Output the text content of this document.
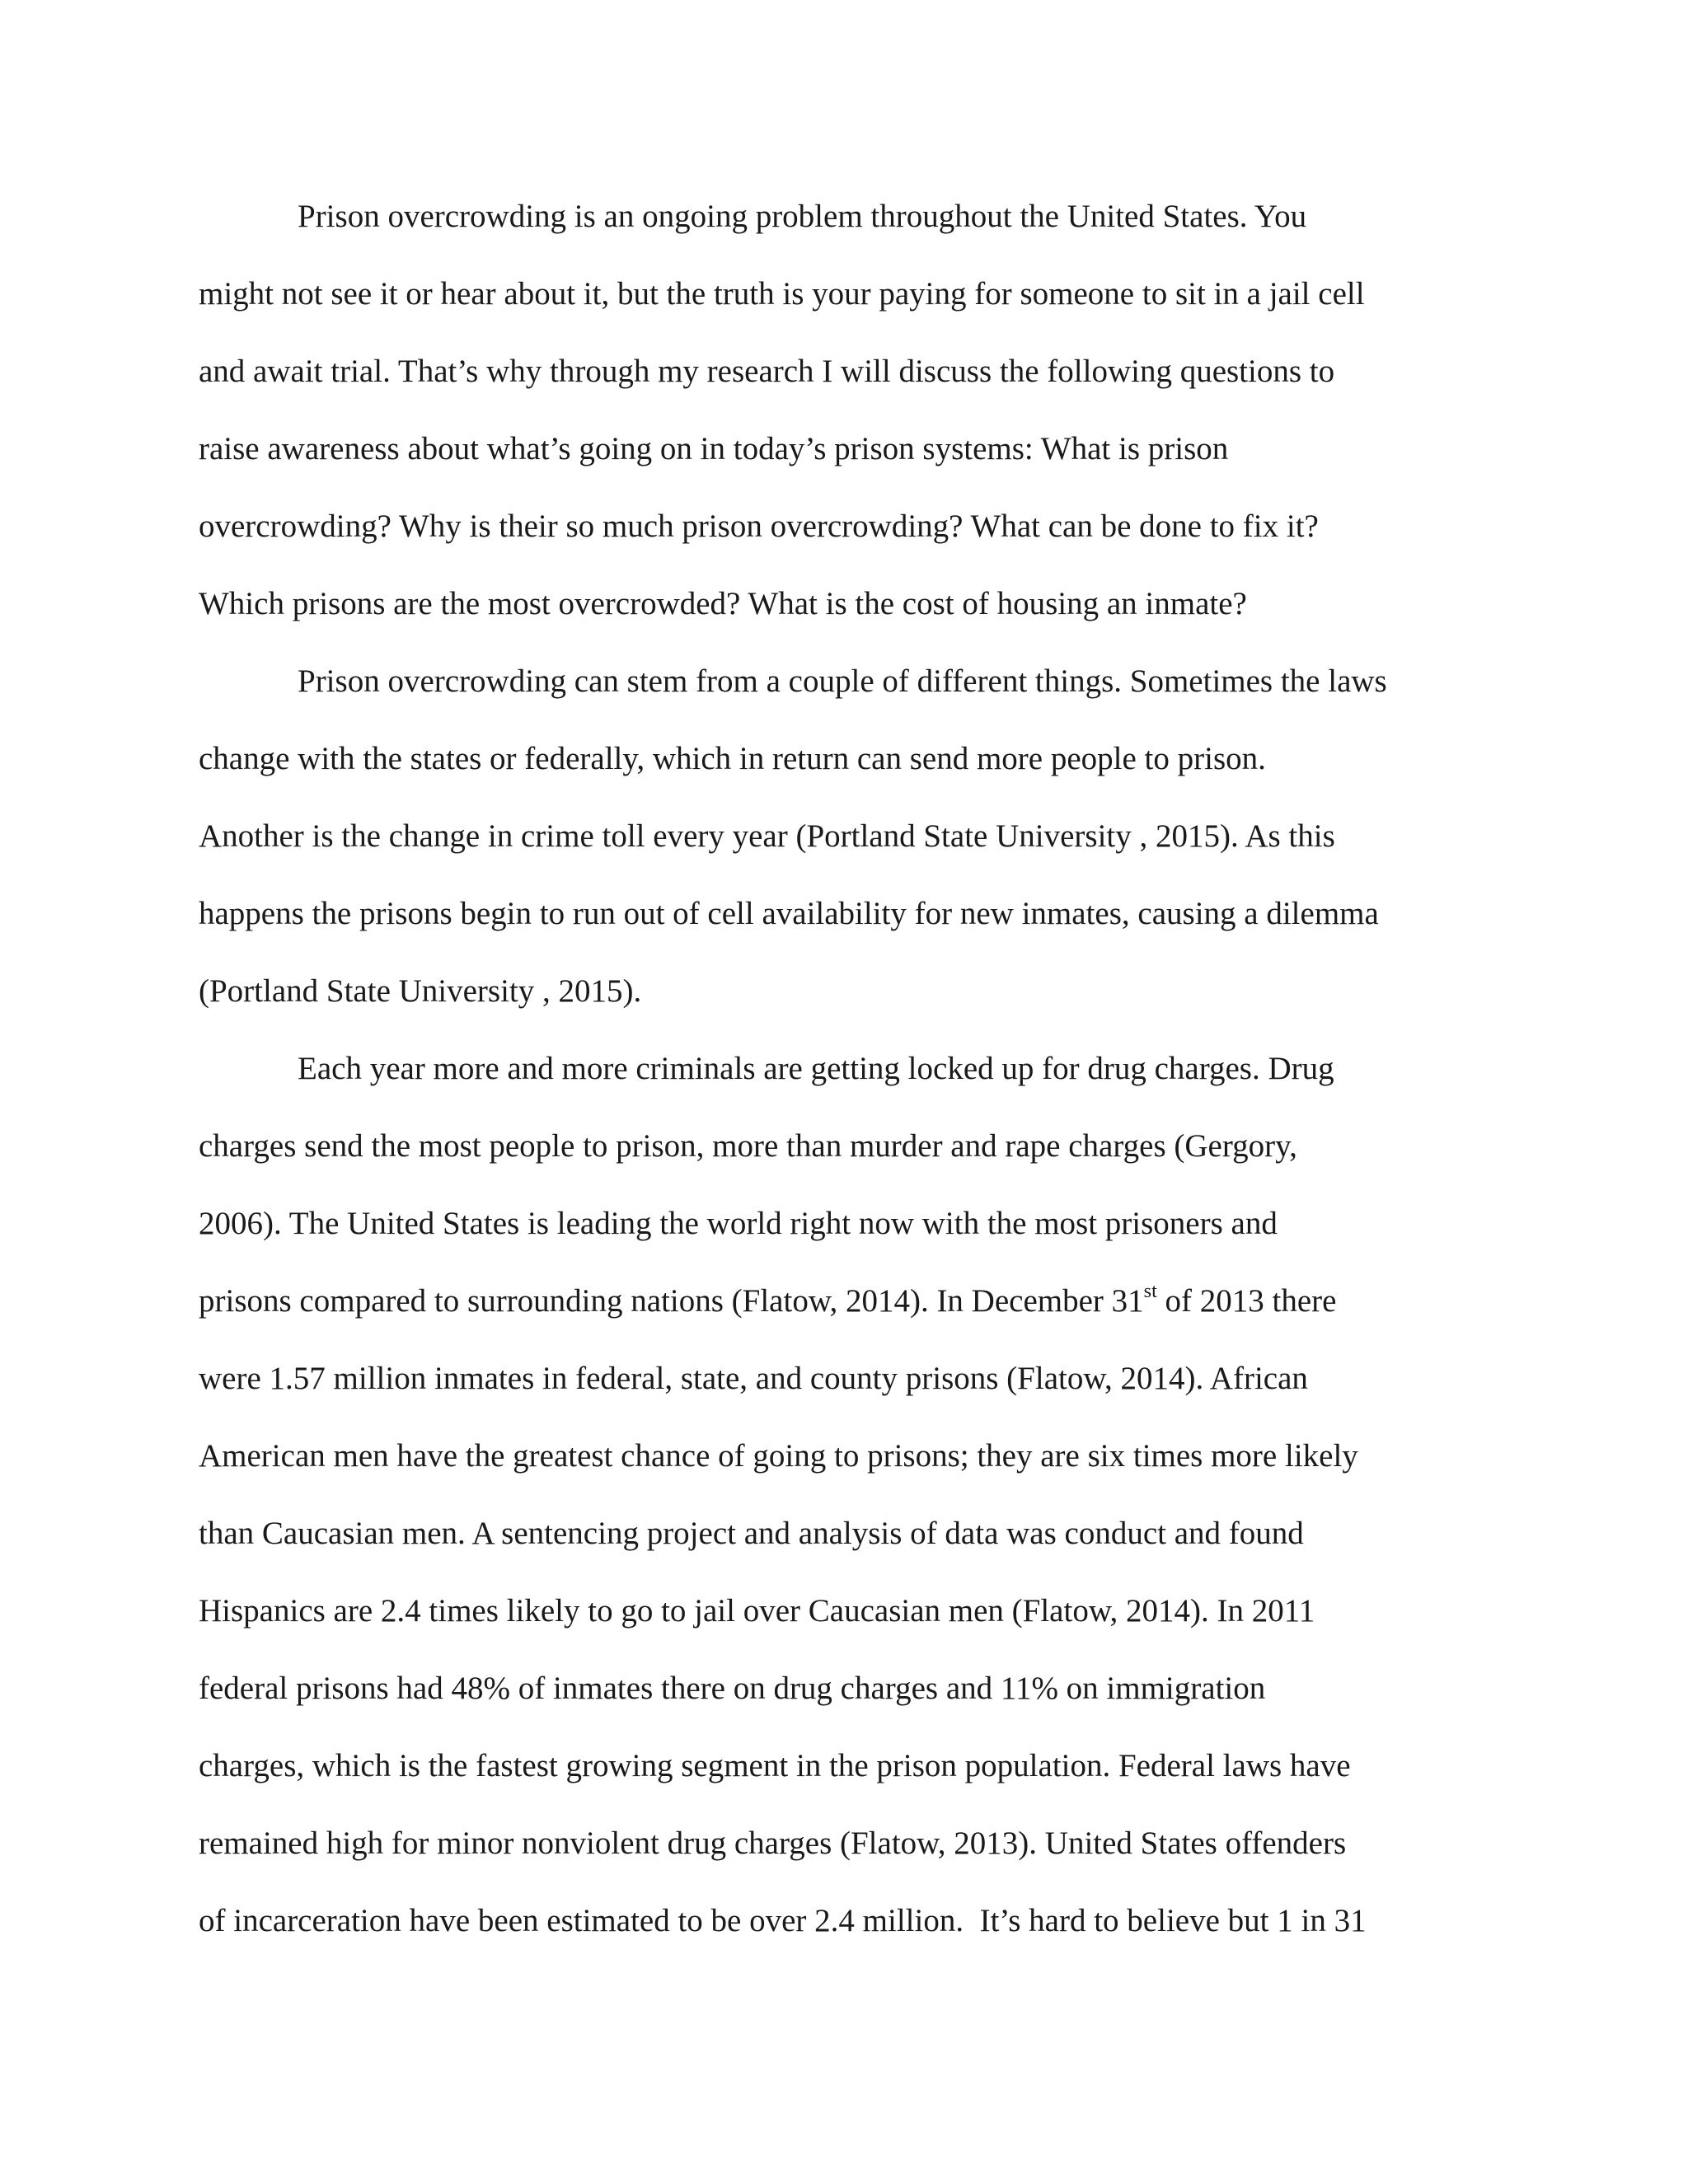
Prison overcrowding is an ongoing problem throughout the United States. You
might not see it or hear about it, but the truth is your paying for someone to sit in a jail cell
and await trial. That’s why through my research I will discuss the following questions to
raise awareness about what’s going on in today’s prison systems: What is prison
overcrowding? Why is their so much prison overcrowding? What can be done to fix it?
Which prisons are the most overcrowded? What is the cost of housing an inmate?
Prison overcrowding can stem from a couple of different things. Sometimes the laws
change with the states or federally, which in return can send more people to prison.
Another is the change in crime toll every year (Portland State University , 2015). As this
happens the prisons begin to run out of cell availability for new inmates, causing a dilemma
(Portland State University , 2015).
Each year more and more criminals are getting locked up for drug charges. Drug
charges send the most people to prison, more than murder and rape charges (Gergory,
2006). The United States is leading the world right now with the most prisoners and
prisons compared to surrounding nations (Flatow, 2014). In December 31st of 2013 there
were 1.57 million inmates in federal, state, and county prisons (Flatow, 2014). African
American men have the greatest chance of going to prisons; they are six times more likely
than Caucasian men. A sentencing project and analysis of data was conduct and found
Hispanics are 2.4 times likely to go to jail over Caucasian men (Flatow, 2014). In 2011
federal prisons had 48% of inmates there on drug charges and 11% on immigration
charges, which is the fastest growing segment in the prison population. Federal laws have
remained high for minor nonviolent drug charges (Flatow, 2013). United States offenders
of incarceration have been estimated to be over 2.4 million.  It’s hard to believe but 1 in 31
